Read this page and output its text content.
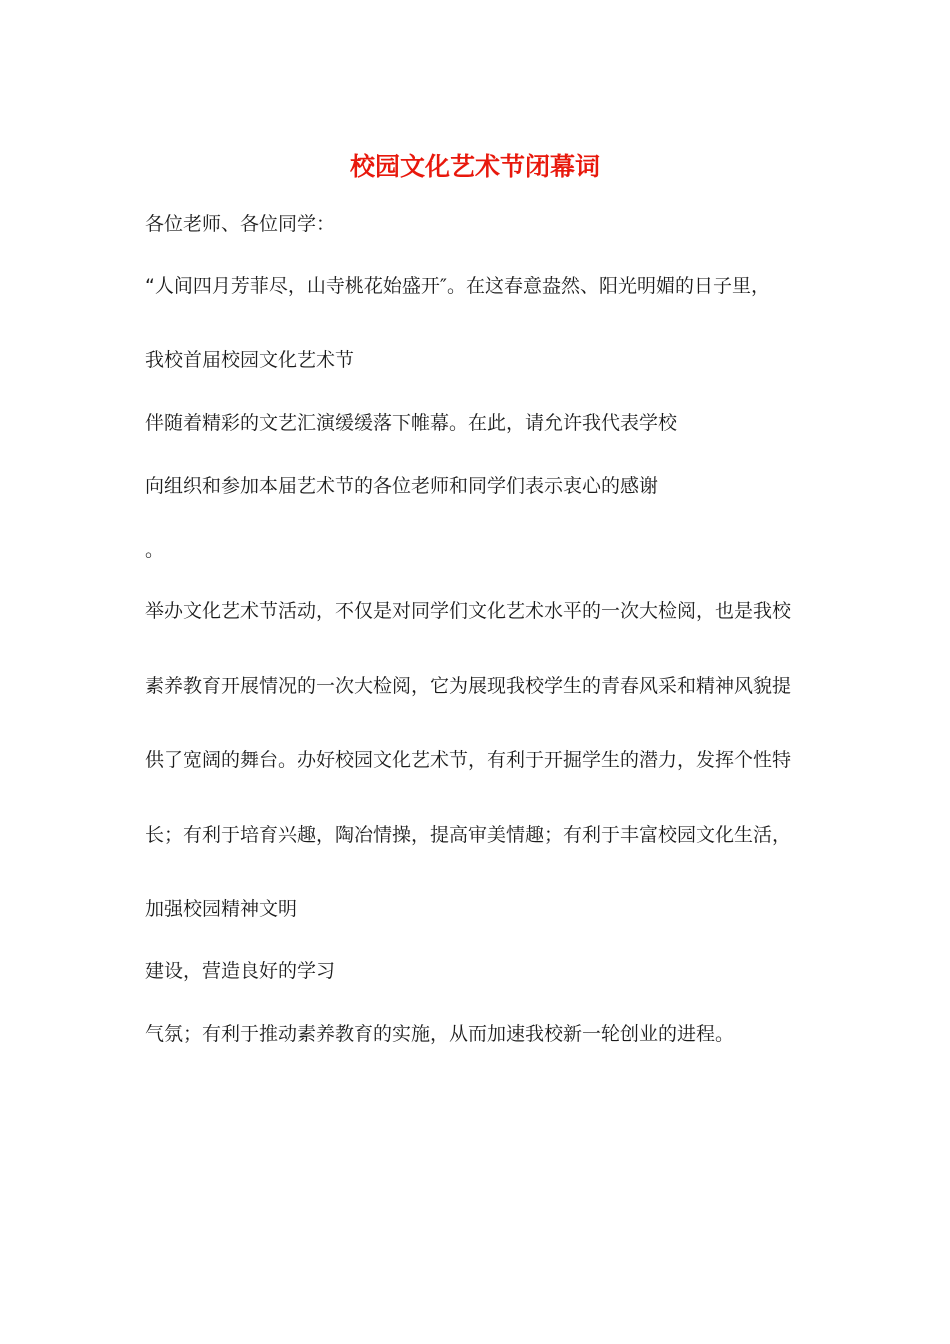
校园文化艺术节闭幕词
各位老师、各位同学：
“人间四月芳菲尽，山寺桃花始盛开″。在这春意盎然、阳光明媚的日子里，
我校首届校园文化艺术节
伴随着精彩的文艺汇演缓缓落下帷幕。在此，请允许我代表学校
向组织和参加本届艺术节的各位老师和同学们表示衷心的感谢
。
举办文化艺术节活动，不仅是对同学们文化艺术水平的一次大检阅，也是我校
素养教育开展情况的一次大检阅，它为展现我校学生的青春风采和精神风貌提
供了宽阔的舞台。办好校园文化艺术节，有利于开掘学生的潜力，发挥个性特
长；有利于培育兴趣，陶冶情操，提高审美情趣；有利于丰富校园文化生活，
加强校园精神文明
建设，营造良好的学习
气氛；有利于推动素养教育的实施，从而加速我校新一轮创业的进程。
